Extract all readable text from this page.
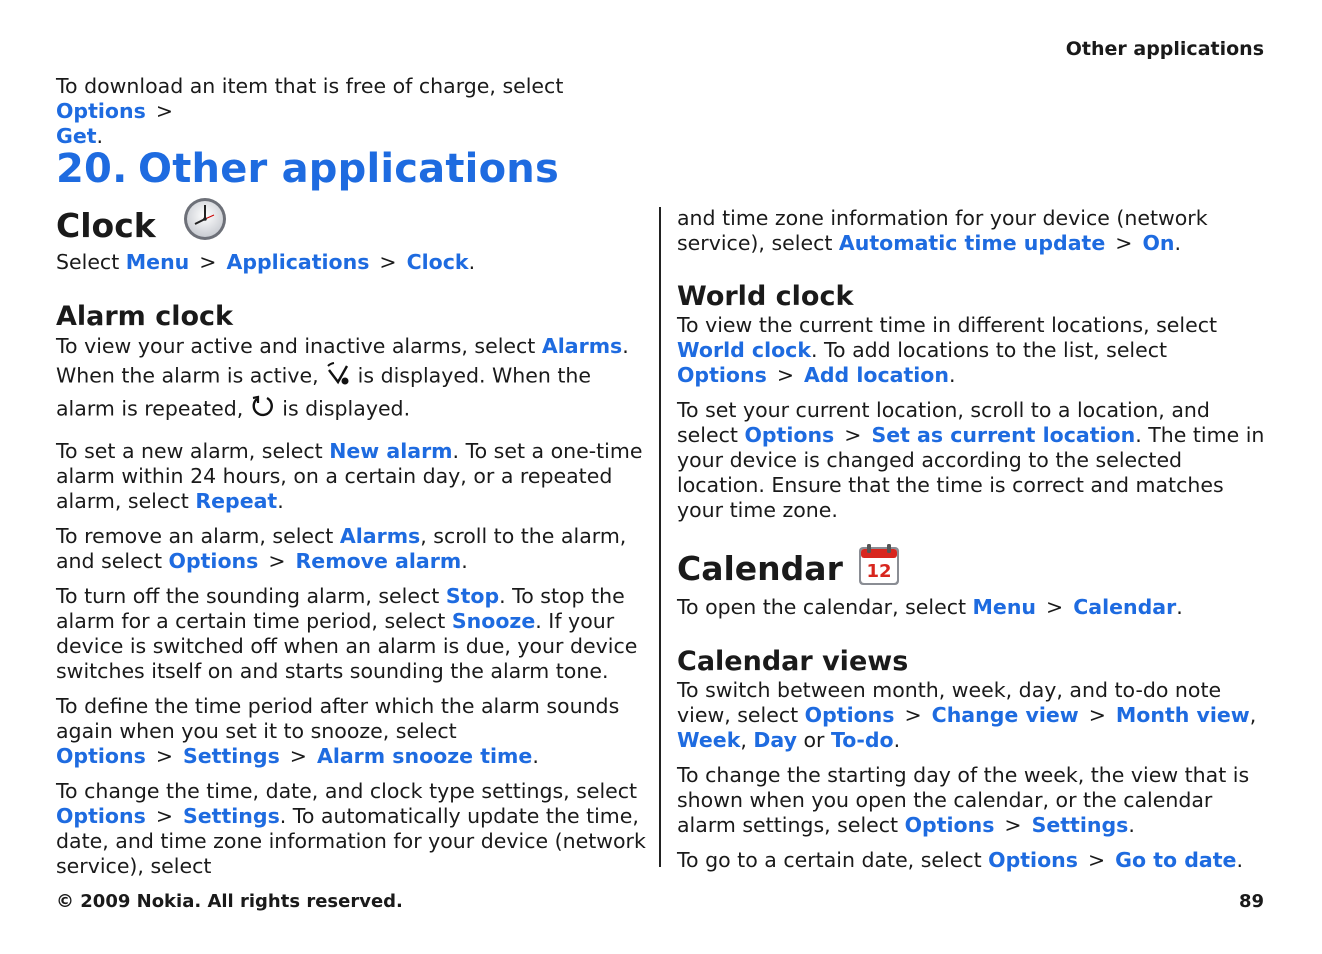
Other applications

To download an item that is free of charge, select Options >
Get.

20. Other applications
Clock

Select Menu > Applications > Clock.

Alarm clock

To view your active and inactive alarms, select Alarms. When the alarm is active,  is displayed. When the alarm is repeated,  is displayed.

To set a new alarm, select New alarm. To set a one-time alarm within 24 hours, on a certain day, or a repeated alarm, select Repeat.

To remove an alarm, select Alarms, scroll to the alarm, and select Options > Remove alarm.

To turn off the sounding alarm, select Stop. To stop the alarm for a certain time period, select Snooze. If your device is switched off when an alarm is due, your device switches itself on and starts sounding the alarm tone.

To define the time period after which the alarm sounds again when you set it to snooze, select Options > Settings > Alarm snooze time.

To change the time, date, and clock type settings, select Options > Settings. To automatically update the time, date, and time zone information for your device (network service), select

and time zone information for your device (network service), select Automatic time update > On.

World clock

To view the current time in different locations, select World clock. To add locations to the list, select Options > Add location.

To set your current location, scroll to a location, and select Options > Set as current location. The time in your device is changed according to the selected location. Ensure that the time is correct and matches your time zone.

Calendar 12

To open the calendar, select Menu > Calendar.

Calendar views

To switch between month, week, day, and to-do note view, select Options > Change view > Month view, Week, Day or To-do.

To change the starting day of the week, the view that is shown when you open the calendar, or the calendar alarm settings, select Options > Settings.

To go to a certain date, select Options > Go to date.

© 2009 Nokia. All rights reserved.	89
